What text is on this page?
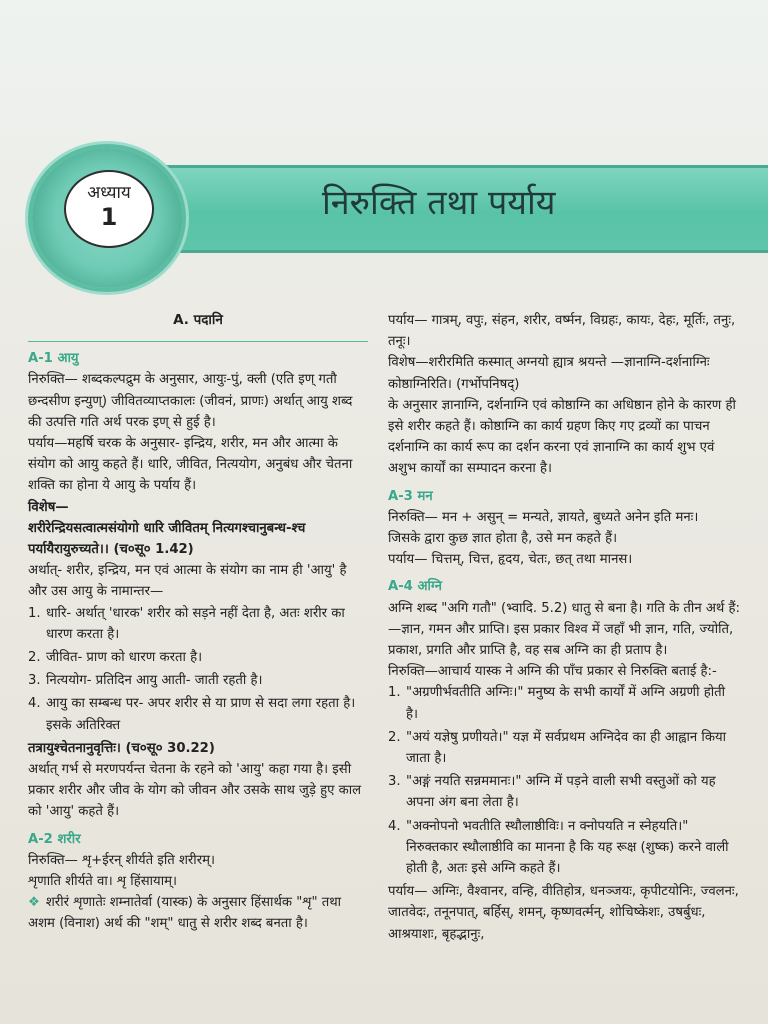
अध्याय
1	निरुक्ति तथा पर्याय
A. पदानि
A-1 आयु

निरुक्ति— शब्दकल्पद्रुम के अनुसार, आयुः-पुं, क्ली (एति इण् गतौ छन्दसीण इन्युण्) जीवितव्याप्तकालः (जीवनं, प्राणः) अर्थात् आयु शब्द की उत्पत्ति गति अर्थ परक इण् से हुई है।

पर्याय—महर्षि चरक के अनुसार- इन्द्रिय, शरीर, मन और आत्मा के संयोग को आयु कहते हैं। धारि, जीवित, नित्ययोग, अनुबंध और चेतना शक्ति का होना ये आयु के पर्याय हैं।

विशेष—

शरीरेन्द्रियसत्वात्मसंयोगो धारि जीवितम् नित्यगश्चानुबन्ध-श्च पर्यायैरायुरुच्यते।। (च०सू० 1.42)

अर्थात्- शरीर, इन्द्रिय, मन एवं आत्मा के संयोग का नाम ही 'आयु' है और उस आयु के नामान्तर—

1. धारि- अर्थात् 'धारक' शरीर को सड़ने नहीं देता है, अतः शरीर का धारण करता है।
2. जीवित- प्राण को धारण करता है।
3. नित्ययोग- प्रतिदिन आयु आती- जाती रहती है।
4. आयु का सम्बन्ध पर- अपर शरीर से या प्राण से सदा लगा रहता है। इसके अतिरिक्त

तत्रायुश्चेतनानुवृत्तिः। (च०सू० 30.22)

अर्थात् गर्भ से मरणपर्यन्त चेतना के रहने को 'आयु' कहा गया है। इसी प्रकार शरीर और जीव के योग को जीवन और उसके साथ जुड़े हुए काल को 'आयु' कहते हैं।

A-2 शरीर

निरुक्ति— शृ+ईरन् शीर्यते इति शरीरम्।

शृणाति शीर्यते वा। शृ हिंसायाम्।

❖ शरीरं शृणातेः शम्नातेर्वा (यास्क) के अनुसार हिंसार्थक "शृ" तथा अशम (विनाश) अर्थ की "शम्" धातु से शरीर शब्द बनता है।

पर्याय— गात्रम्, वपुः, संहन, शरीर, वर्ष्मन, विग्रहः, कायः, देहः, मूर्तिः, तनुः, तनूः।

विशेष—शरीरमिति कस्मात् अग्नयो ह्यात्र श्रयन्ते —ज्ञानाग्नि-दर्शनाग्निः कोष्ठाग्निरिति। (गर्भोपनिषद्)

के अनुसार ज्ञानाग्नि, दर्शनाग्नि एवं कोष्ठाग्नि का अधिष्ठान होने के कारण ही इसे शरीर कहते हैं। कोष्ठाग्नि का कार्य ग्रहण किए गए द्रव्यों का पाचन दर्शनाग्नि का कार्य रूप का दर्शन करना एवं ज्ञानाग्नि का कार्य शुभ एवं अशुभ कार्यों का सम्पादन करना है।

A-3 मन

निरुक्ति— मन + असुन् = मन्यते, ज्ञायते, बुध्यते अनेन इति मनः।

जिसके द्वारा कुछ ज्ञात होता है, उसे मन कहते हैं।

पर्याय— चित्तम्, चित्त, हृदय, चेतः, छत् तथा मानस।

A-4 अग्नि

अग्नि शब्द "अगि गतौ" (भ्वादि. 5.2) धातु से बना है। गति के तीन अर्थ हैं:—ज्ञान, गमन और प्राप्ति। इस प्रकार विश्व में जहाँ भी ज्ञान, गति, ज्योति, प्रकाश, प्रगति और प्राप्ति है, वह सब अग्नि का ही प्रताप है।

निरुक्ति—आचार्य यास्क ने अग्नि की पाँच प्रकार से निरुक्ति बताई है:-

1. "अग्रणीर्भवतीति अग्निः।" मनुष्य के सभी कार्यों में अग्नि अग्रणी होती है।
2. "अयं यज्ञेषु प्रणीयते।" यज्ञ में सर्वप्रथम अग्निदेव का ही आह्वान किया जाता है।
3. "अङ्गं नयति सन्नममानः।" अग्नि में पड़ने वाली सभी वस्तुओं को यह अपना अंग बना लेता है।
4. "अक्नोपनो भवतीति स्थौलाष्ठीविः। न क्नोपयति न स्नेहयति।" निरुक्तकार स्थौलाष्ठीवि का मानना है कि यह रूक्ष (शुष्क) करने वाली होती है, अतः इसे अग्नि कहते हैं।

पर्याय— अग्निः, वैश्वानर, वन्हि, वीतिहोत्र, धनञ्जयः, कृपीटयोनिः, ज्वलनः, जातवेदः, तनूनपात्, बर्हिस्, शमन्, कृष्णवर्त्मन्, शोचिष्केशः, उषर्बुधः, आश्रयाशः, बृहद्भानुः,
